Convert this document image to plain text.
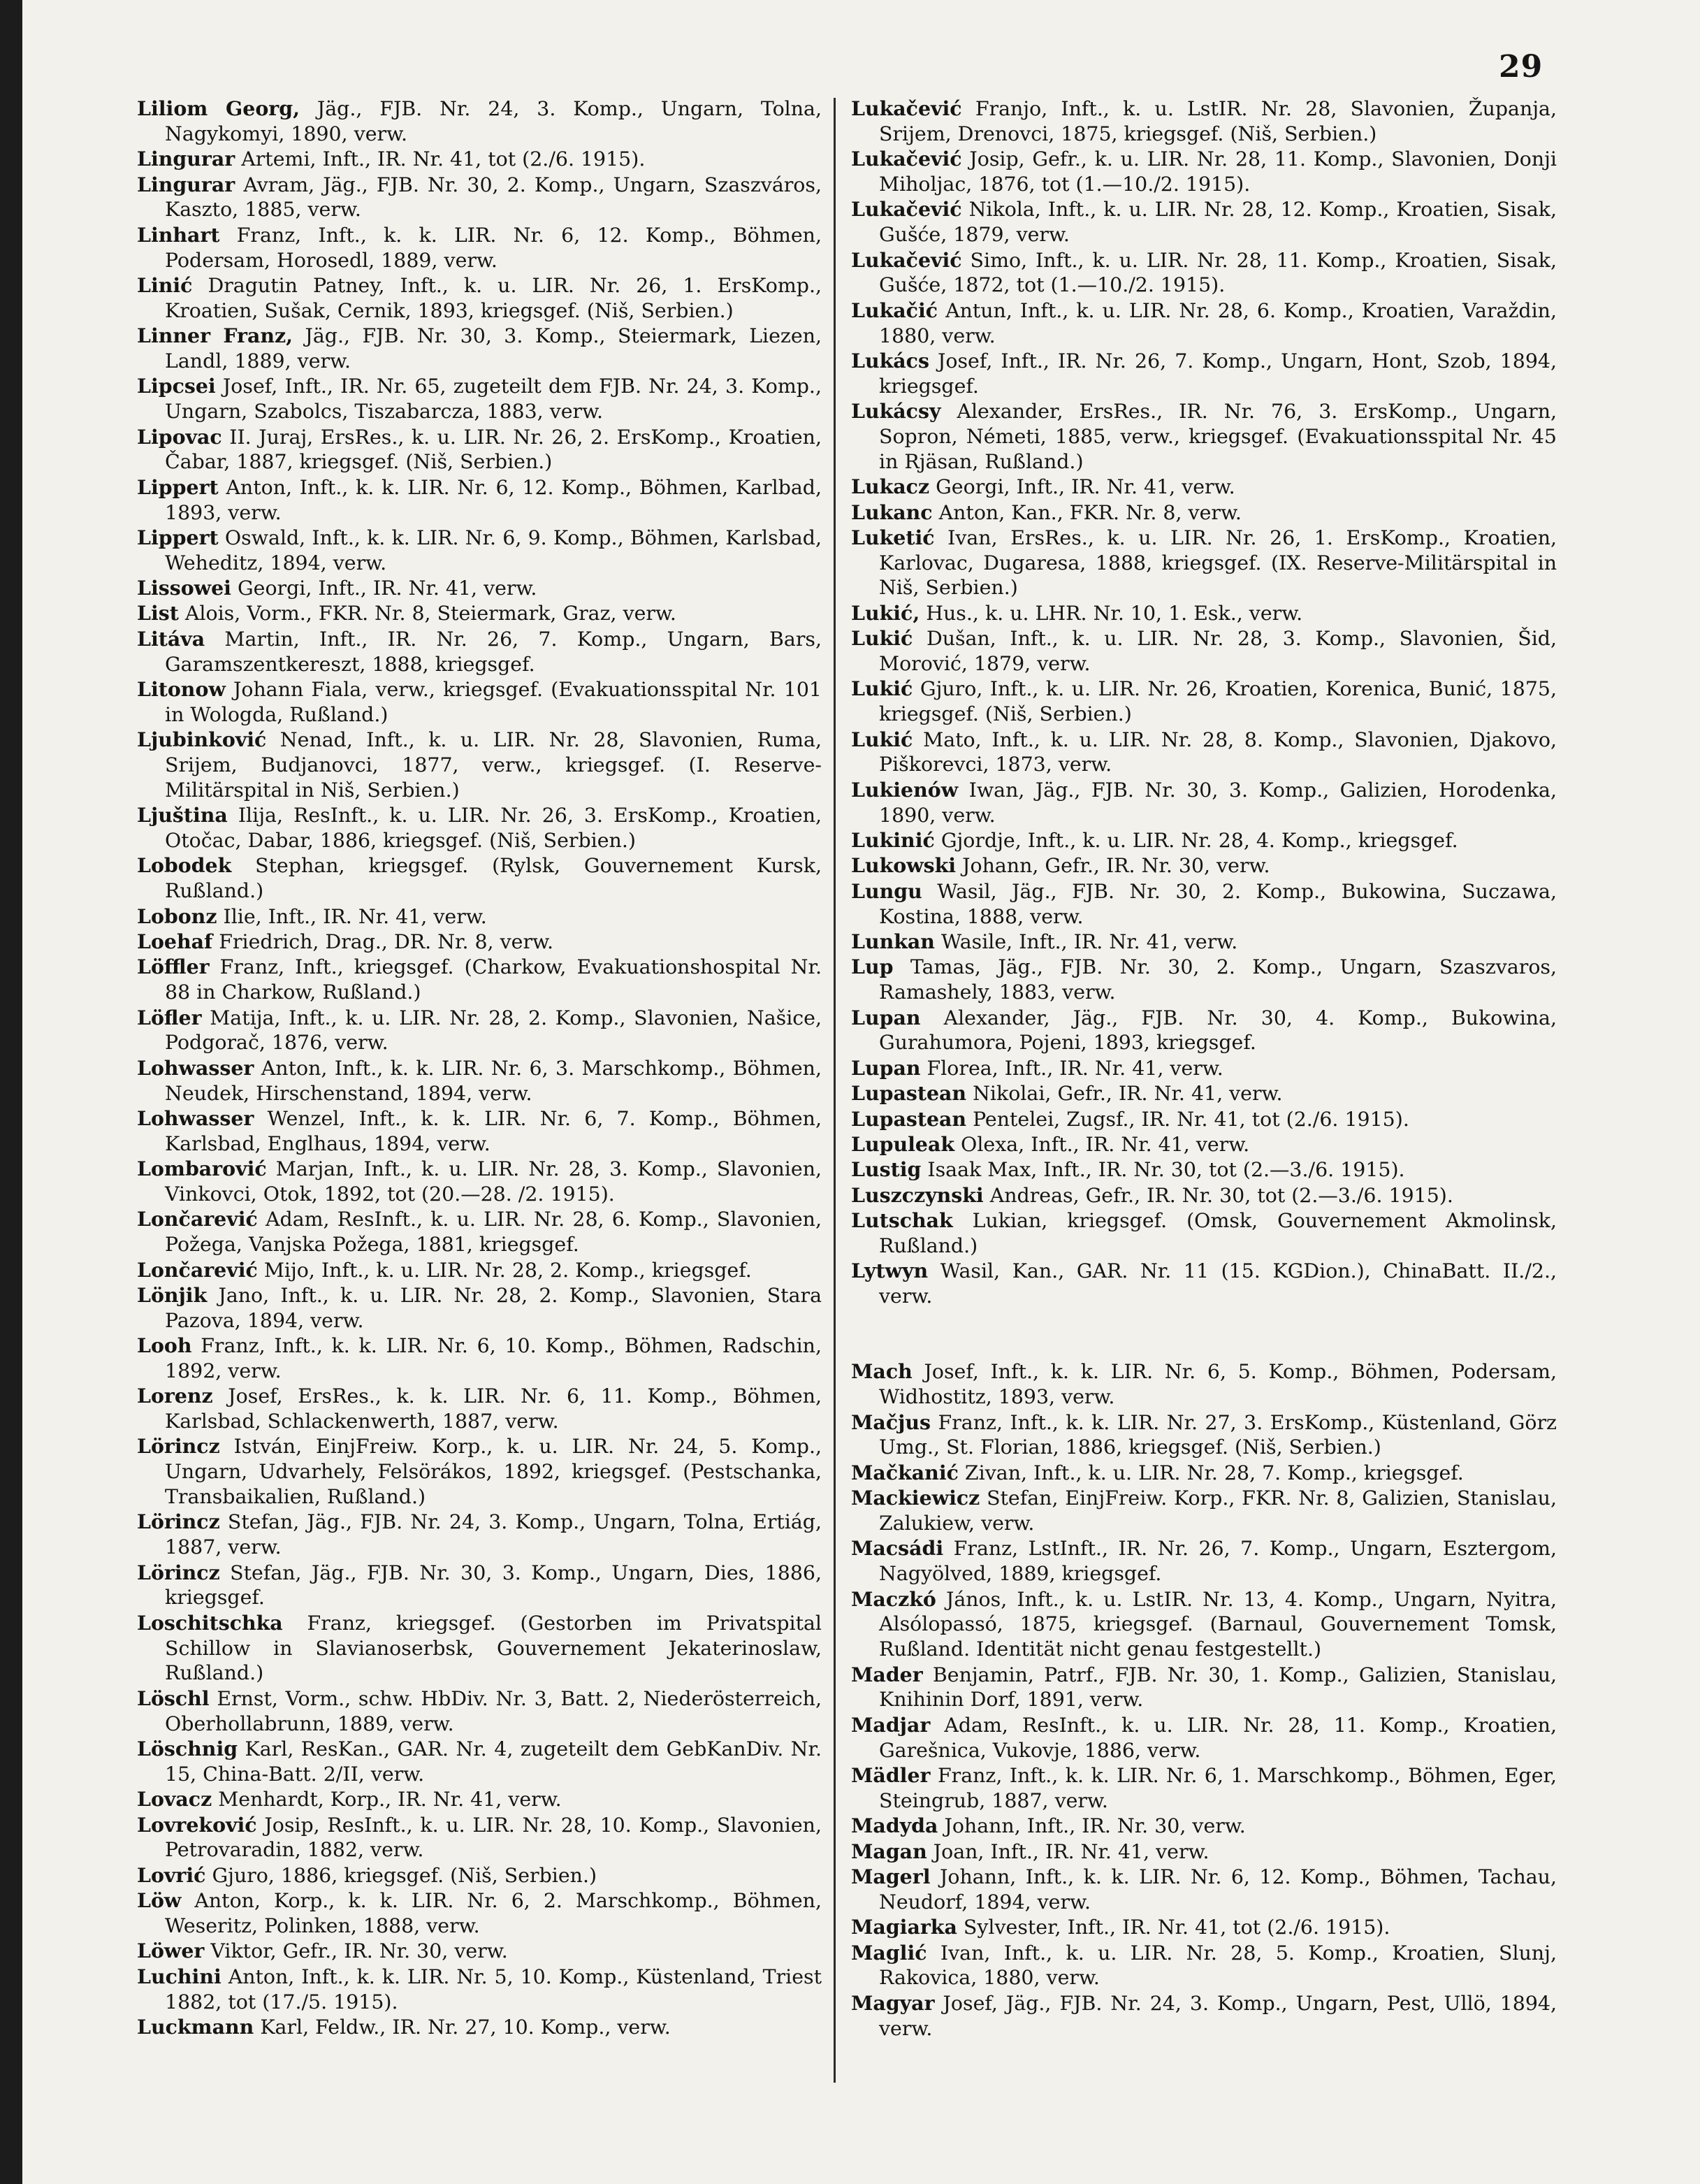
29

Liliom Georg, Jäg., FJB. Nr. 24, 3. Komp., Ungarn, Tolna, Nagykomyi, 1890, verw.

Lingurar Artemi, Inft., IR. Nr. 41, tot (2./6. 1915).

Lingurar Avram, Jäg., FJB. Nr. 30, 2. Komp., Ungarn, Szaszváros, Kaszto, 1885, verw.

Linhart Franz, Inft., k. k. LIR. Nr. 6, 12. Komp., Böhmen, Podersam, Horosedl, 1889, verw.

Linić Dragutin Patney, Inft., k. u. LIR. Nr. 26, 1. ErsKomp., Kroatien, Sušak, Cernik, 1893, kriegsgef. (Niš, Serbien.)

Linner Franz, Jäg., FJB. Nr. 30, 3. Komp., Steiermark, Liezen, Landl, 1889, verw.

Lipcsei Josef, Inft., IR. Nr. 65, zugeteilt dem FJB. Nr. 24, 3. Komp., Ungarn, Szabolcs, Tiszabarcza, 1883, verw.

Lipovac II. Juraj, ErsRes., k. u. LIR. Nr. 26, 2. ErsKomp., Kroatien, Čabar, 1887, kriegsgef. (Niš, Serbien.)

Lippert Anton, Inft., k. k. LIR. Nr. 6, 12. Komp., Böhmen, Karlbad, 1893, verw.

Lippert Oswald, Inft., k. k. LIR. Nr. 6, 9. Komp., Böhmen, Karlsbad, Weheditz, 1894, verw.

Lissowei Georgi, Inft., IR. Nr. 41, verw.

List Alois, Vorm., FKR. Nr. 8, Steiermark, Graz, verw.

Litáva Martin, Inft., IR. Nr. 26, 7. Komp., Ungarn, Bars, Garamszentkereszt, 1888, kriegsgef.

Litonow Johann Fiala, verw., kriegsgef. (Evakuationsspital Nr. 101 in Wologda, Rußland.)

Ljubinković Nenad, Inft., k. u. LIR. Nr. 28, Slavonien, Ruma, Srijem, Budjanovci, 1877, verw., kriegsgef. (I. Reserve-Militärspital in Niš, Serbien.)

Ljuština Ilija, ResInft., k. u. LIR. Nr. 26, 3. ErsKomp., Kroatien, Otočac, Dabar, 1886, kriegsgef. (Niš, Serbien.)

Lobodek Stephan, kriegsgef. (Rylsk, Gouvernement Kursk, Rußland.)

Lobonz Ilie, Inft., IR. Nr. 41, verw.

Loehaf Friedrich, Drag., DR. Nr. 8, verw.

Löffler Franz, Inft., kriegsgef. (Charkow, Evakuationshospital Nr. 88 in Charkow, Rußland.)

Löfler Matija, Inft., k. u. LIR. Nr. 28, 2. Komp., Slavonien, Našice, Podgorač, 1876, verw.

Lohwasser Anton, Inft., k. k. LIR. Nr. 6, 3. Marschkomp., Böhmen, Neudek, Hirschenstand, 1894, verw.

Lohwasser Wenzel, Inft., k. k. LIR. Nr. 6, 7. Komp., Böhmen, Karlsbad, Englhaus, 1894, verw.

Lombarović Marjan, Inft., k. u. LIR. Nr. 28, 3. Komp., Slavonien, Vinkovci, Otok, 1892, tot (20.—28. /2. 1915).

Lončarević Adam, ResInft., k. u. LIR. Nr. 28, 6. Komp., Slavonien, Požega, Vanjska Požega, 1881, kriegsgef.

Lončarević Mijo, Inft., k. u. LIR. Nr. 28, 2. Komp., kriegsgef.

Lönjik Jano, Inft., k. u. LIR. Nr. 28, 2. Komp., Slavonien, Stara Pazova, 1894, verw.

Looh Franz, Inft., k. k. LIR. Nr. 6, 10. Komp., Böhmen, Radschin, 1892, verw.

Lorenz Josef, ErsRes., k. k. LIR. Nr. 6, 11. Komp., Böhmen, Karlsbad, Schlackenwerth, 1887, verw.

Lörincz István, EinjFreiw. Korp., k. u. LIR. Nr. 24, 5. Komp., Ungarn, Udvarhely, Felsörákos, 1892, kriegsgef. (Pestschanka, Transbaikalien, Rußland.)

Lörincz Stefan, Jäg., FJB. Nr. 24, 3. Komp., Ungarn, Tolna, Ertiág, 1887, verw.

Lörincz Stefan, Jäg., FJB. Nr. 30, 3. Komp., Ungarn, Dies, 1886, kriegsgef.

Loschitschka Franz, kriegsgef. (Gestorben im Privatspital Schillow in Slavianoserbsk, Gouvernement Jekaterinoslaw, Rußland.)

Löschl Ernst, Vorm., schw. HbDiv. Nr. 3, Batt. 2, Niederösterreich, Oberhollabrunn, 1889, verw.

Löschnig Karl, ResKan., GAR. Nr. 4, zugeteilt dem GebKanDiv. Nr. 15, China-Batt. 2/II, verw.

Lovacz Menhardt, Korp., IR. Nr. 41, verw.

Lovreković Josip, ResInft., k. u. LIR. Nr. 28, 10. Komp., Slavonien, Petrovaradin, 1882, verw.

Lovrić Gjuro, 1886, kriegsgef. (Niš, Serbien.)

Löw Anton, Korp., k. k. LIR. Nr. 6, 2. Marschkomp., Böhmen, Weseritz, Polinken, 1888, verw.

Löwer Viktor, Gefr., IR. Nr. 30, verw.

Luchini Anton, Inft., k. k. LIR. Nr. 5, 10. Komp., Küstenland, Triest 1882, tot (17./5. 1915).

Luckmann Karl, Feldw., IR. Nr. 27, 10. Komp., verw.

Lukačević Franjo, Inft., k. u. LstIR. Nr. 28, Slavonien, Županja, Srijem, Drenovci, 1875, kriegsgef. (Niš, Serbien.)

Lukačević Josip, Gefr., k. u. LIR. Nr. 28, 11. Komp., Slavonien, Donji Miholjac, 1876, tot (1.—10./2. 1915).

Lukačević Nikola, Inft., k. u. LIR. Nr. 28, 12. Komp., Kroatien, Sisak, Gušće, 1879, verw.

Lukačević Simo, Inft., k. u. LIR. Nr. 28, 11. Komp., Kroatien, Sisak, Gušće, 1872, tot (1.—10./2. 1915).

Lukačić Antun, Inft., k. u. LIR. Nr. 28, 6. Komp., Kroatien, Varaždin, 1880, verw.

Lukács Josef, Inft., IR. Nr. 26, 7. Komp., Ungarn, Hont, Szob, 1894, kriegsgef.

Lukácsy Alexander, ErsRes., IR. Nr. 76, 3. ErsKomp., Ungarn, Sopron, Németi, 1885, verw., kriegsgef. (Evakuationsspital Nr. 45 in Rjäsan, Rußland.)

Lukacz Georgi, Inft., IR. Nr. 41, verw.

Lukanc Anton, Kan., FKR. Nr. 8, verw.

Luketić Ivan, ErsRes., k. u. LIR. Nr. 26, 1. ErsKomp., Kroatien, Karlovac, Dugaresa, 1888, kriegsgef. (IX. Reserve-Militärspital in Niš, Serbien.)

Lukić, Hus., k. u. LHR. Nr. 10, 1. Esk., verw.

Lukić Dušan, Inft., k. u. LIR. Nr. 28, 3. Komp., Slavonien, Šid, Morović, 1879, verw.

Lukić Gjuro, Inft., k. u. LIR. Nr. 26, Kroatien, Korenica, Bunić, 1875, kriegsgef. (Niš, Serbien.)

Lukić Mato, Inft., k. u. LIR. Nr. 28, 8. Komp., Slavonien, Djakovo, Piškorevci, 1873, verw.

Lukienów Iwan, Jäg., FJB. Nr. 30, 3. Komp., Galizien, Horodenka, 1890, verw.

Lukinić Gjordje, Inft., k. u. LIR. Nr. 28, 4. Komp., kriegsgef.

Lukowski Johann, Gefr., IR. Nr. 30, verw.

Lungu Wasil, Jäg., FJB. Nr. 30, 2. Komp., Bukowina, Suczawa, Kostina, 1888, verw.

Lunkan Wasile, Inft., IR. Nr. 41, verw.

Lup Tamas, Jäg., FJB. Nr. 30, 2. Komp., Ungarn, Szaszvaros, Ramashely, 1883, verw.

Lupan Alexander, Jäg., FJB. Nr. 30, 4. Komp., Bukowina, Gurahumora, Pojeni, 1893, kriegsgef.

Lupan Florea, Inft., IR. Nr. 41, verw.

Lupastean Nikolai, Gefr., IR. Nr. 41, verw.

Lupastean Pentelei, Zugsf., IR. Nr. 41, tot (2./6. 1915).

Lupuleak Olexa, Inft., IR. Nr. 41, verw.

Lustig Isaak Max, Inft., IR. Nr. 30, tot (2.—3./6. 1915).

Luszczynski Andreas, Gefr., IR. Nr. 30, tot (2.—3./6. 1915).

Lutschak Lukian, kriegsgef. (Omsk, Gouvernement Akmolinsk, Rußland.)

Lytwyn Wasil, Kan., GAR. Nr. 11 (15. KGDion.), ChinaBatt. II./2., verw.

Mach Josef, Inft., k. k. LIR. Nr. 6, 5. Komp., Böhmen, Podersam, Widhostitz, 1893, verw.

Mačjus Franz, Inft., k. k. LIR. Nr. 27, 3. ErsKomp., Küstenland, Görz Umg., St. Florian, 1886, kriegsgef. (Niš, Serbien.)

Mačkanić Zivan, Inft., k. u. LIR. Nr. 28, 7. Komp., kriegsgef.

Mackiewicz Stefan, EinjFreiw. Korp., FKR. Nr. 8, Galizien, Stanislau, Zalukiew, verw.

Macsádi Franz, LstInft., IR. Nr. 26, 7. Komp., Ungarn, Esztergom, Nagyölved, 1889, kriegsgef.

Maczkó János, Inft., k. u. LstIR. Nr. 13, 4. Komp., Ungarn, Nyitra, Alsólopassó, 1875, kriegsgef. (Barnaul, Gouvernement Tomsk, Rußland. Identität nicht genau festgestellt.)

Mader Benjamin, Patrf., FJB. Nr. 30, 1. Komp., Galizien, Stanislau, Knihinin Dorf, 1891, verw.

Madjar Adam, ResInft., k. u. LIR. Nr. 28, 11. Komp., Kroatien, Garešnica, Vukovje, 1886, verw.

Mädler Franz, Inft., k. k. LIR. Nr. 6, 1. Marschkomp., Böhmen, Eger, Steingrub, 1887, verw.

Madyda Johann, Inft., IR. Nr. 30, verw.

Magan Joan, Inft., IR. Nr. 41, verw.

Magerl Johann, Inft., k. k. LIR. Nr. 6, 12. Komp., Böhmen, Tachau, Neudorf, 1894, verw.

Magiarka Sylvester, Inft., IR. Nr. 41, tot (2./6. 1915).

Maglić Ivan, Inft., k. u. LIR. Nr. 28, 5. Komp., Kroatien, Slunj, Rakovica, 1880, verw.

Magyar Josef, Jäg., FJB. Nr. 24, 3. Komp., Ungarn, Pest, Ullö, 1894, verw.
